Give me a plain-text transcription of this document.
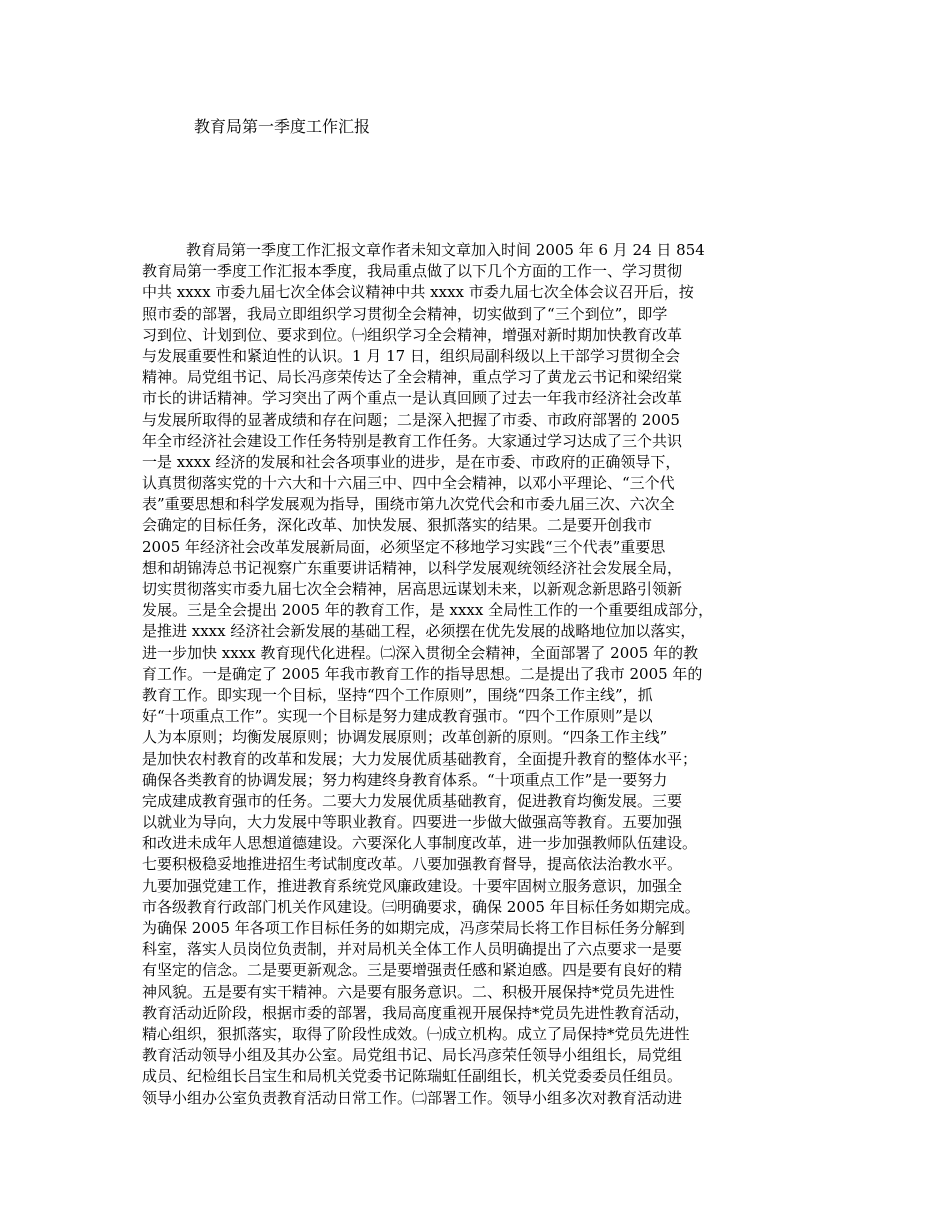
教育局第一季度工作汇报
教育局第一季度工作汇报文章作者未知文章加入时间 2005 年 6 月 24 日 854
教育局第一季度工作汇报本季度，我局重点做了以下几个方面的工作一、学习贯彻
中共 xxxx 市委九届七次全体会议精神中共 xxxx 市委九届七次全体会议召开后，按
照市委的部署，我局立即组织学习贯彻全会精神，切实做到了“三个到位”，即学
习到位、计划到位、要求到位。㈠组织学习全会精神，增强对新时期加快教育改革
与发展重要性和紧迫性的认识。1 月 17 日，组织局副科级以上干部学习贯彻全会
精神。局党组书记、局长冯彦荣传达了全会精神，重点学习了黄龙云书记和梁绍棠
市长的讲话精神。学习突出了两个重点一是认真回顾了过去一年我市经济社会改革
与发展所取得的显著成绩和存在问题；二是深入把握了市委、市政府部署的 2005
年全市经济社会建设工作任务特别是教育工作任务。大家通过学习达成了三个共识
一是 xxxx 经济的发展和社会各项事业的进步，是在市委、市政府的正确领导下，
认真贯彻落实党的十六大和十六届三中、四中全会精神，以邓小平理论、“三个代
表”重要思想和科学发展观为指导，围绕市第九次党代会和市委九届三次、六次全
会确定的目标任务，深化改革、加快发展、狠抓落实的结果。二是要开创我市
2005 年经济社会改革发展新局面，必须坚定不移地学习实践“三个代表”重要思
想和胡锦涛总书记视察广东重要讲话精神，以科学发展观统领经济社会发展全局，
切实贯彻落实市委九届七次全会精神，居高思远谋划未来，以新观念新思路引领新
发展。三是全会提出 2005 年的教育工作，是 xxxx 全局性工作的一个重要组成部分，
是推进 xxxx 经济社会新发展的基础工程，必须摆在优先发展的战略地位加以落实，
进一步加快 xxxx 教育现代化进程。㈡深入贯彻全会精神，全面部署了 2005 年的教
育工作。一是确定了 2005 年我市教育工作的指导思想。二是提出了我市 2005 年的
教育工作。即实现一个目标，坚持“四个工作原则”，围绕“四条工作主线”，抓
好“十项重点工作”。实现一个目标是努力建成教育强市。“四个工作原则”是以
人为本原则；均衡发展原则；协调发展原则；改革创新的原则。“四条工作主线”
是加快农村教育的改革和发展；大力发展优质基础教育，全面提升教育的整体水平；
确保各类教育的协调发展；努力构建终身教育体系。“十项重点工作”是一要努力
完成建成教育强市的任务。二要大力发展优质基础教育，促进教育均衡发展。三要
以就业为导向，大力发展中等职业教育。四要进一步做大做强高等教育。五要加强
和改进未成年人思想道德建设。六要深化人事制度改革，进一步加强教师队伍建设。
七要积极稳妥地推进招生考试制度改革。八要加强教育督导，提高依法治教水平。
九要加强党建工作，推进教育系统党风廉政建设。十要牢固树立服务意识，加强全
市各级教育行政部门机关作风建设。㈢明确要求，确保 2005 年目标任务如期完成。
为确保 2005 年各项工作目标任务的如期完成，冯彦荣局长将工作目标任务分解到
科室，落实人员岗位负责制，并对局机关全体工作人员明确提出了六点要求一是要
有坚定的信念。二是要更新观念。三是要增强责任感和紧迫感。四是要有良好的精
神风貌。五是要有实干精神。六是要有服务意识。二、积极开展保持*党员先进性
教育活动近阶段，根据市委的部署，我局高度重视开展保持*党员先进性教育活动，
精心组织，狠抓落实，取得了阶段性成效。㈠成立机构。成立了局保持*党员先进性
教育活动领导小组及其办公室。局党组书记、局长冯彦荣任领导小组组长，局党组
成员、纪检组长吕宝生和局机关党委书记陈瑞虹任副组长，机关党委委员任组员。
领导小组办公室负责教育活动日常工作。㈡部署工作。领导小组多次对教育活动进
